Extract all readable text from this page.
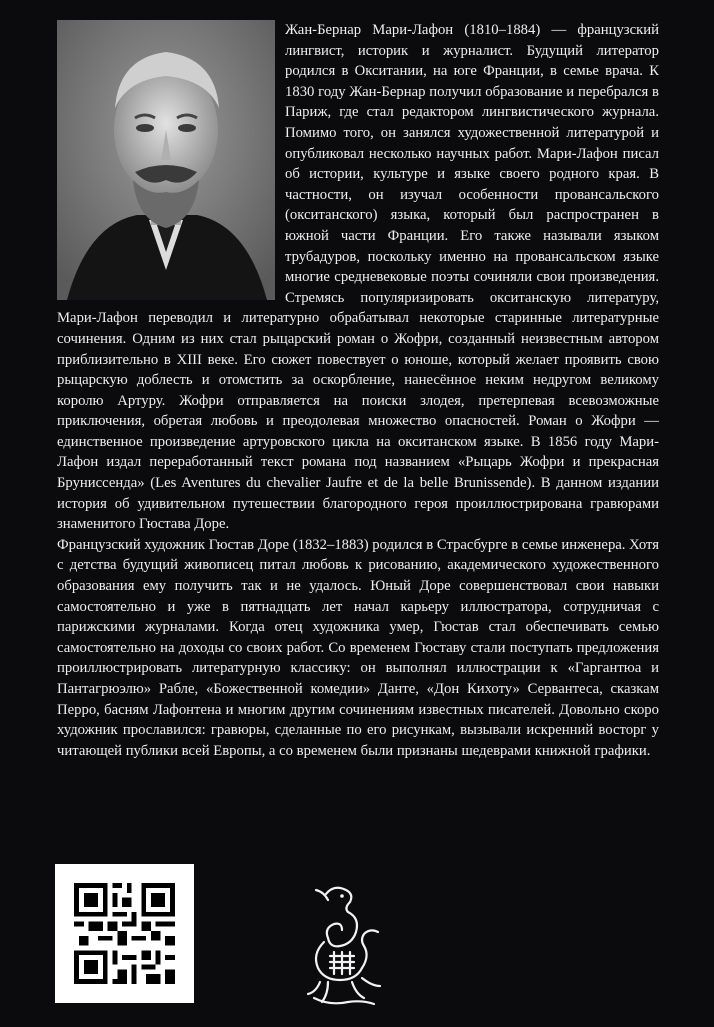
Жан-Бернар Мари-Лафон (1810–1884) — французский лингвист, историк и журналист. Будущий литератор родился в Окситании, на юге Франции, в семье врача. К 1830 году Жан-Бернар получил образование и перебрался в Париж, где стал редактором лингвистического журнала. Помимо того, он занялся художественной литературой и опубликовал несколько научных работ. Мари-Лафон писал об истории, культуре и языке своего родного края. В частности, он изучал особенности провансальского (окситанского) языка, который был распространен в южной части Франции. Его также называли языком трубадуров, поскольку именно на провансальском языке многие средневековые поэты сочиняли свои произведения. Стремясь популяризировать окситанскую литературу, Мари-Лафон переводил и литературно обрабатывал некоторые старинные литературные сочинения. Одним из них стал рыцарский роман о Жофри, созданный неизвестным автором приблизительно в XIII веке. Его сюжет повествует о юноше, который желает проявить свою рыцарскую доблесть и отомстить за оскорбление, нанесённое неким недругом великому королю Артуру. Жофри отправляется на поиски злодея, претерпевая всевозможные приключения, обретая любовь и преодолевая множество опасностей. Роман о Жофри — единственное произведение артуровского цикла на окситанском языке. В 1856 году Мари-Лафон издал переработанный текст романа под названием «Рыцарь Жофри и прекрасная Бруниссенда» (Les Aventures du chevalier Jaufre et de la belle Brunissende). В данном издании история об удивительном путешествии благородного героя проиллюстрирована гравюрами знаменитого Гюстава Доре.

Французский художник Гюстав Доре (1832–1883) родился в Страсбурге в семье инженера. Хотя с детства будущий живописец питал любовь к рисованию, академического художественного образования ему получить так и не удалось. Юный Доре совершенствовал свои навыки самостоятельно и уже в пятнадцать лет начал карьеру иллюстратора, сотрудничая с парижскими журналами. Когда отец художника умер, Гюстав стал обеспечивать семью самостоятельно на доходы со своих работ. Со временем Гюставу стали поступать предложения проиллюстрировать литературную классику: он выполнял иллюстрации к «Гаргантюа и Пантагрюэлю» Рабле, «Божественной комедии» Данте, «Дон Кихоту» Сервантеса, сказкам Перро, басням Лафонтена и многим другим сочинениям известных писателей. Довольно скоро художник прославился: гравюры, сделанные по его рисункам, вызывали искренний восторг у читающей публики всей Европы, а со временем были признаны шедеврами книжной графики.
